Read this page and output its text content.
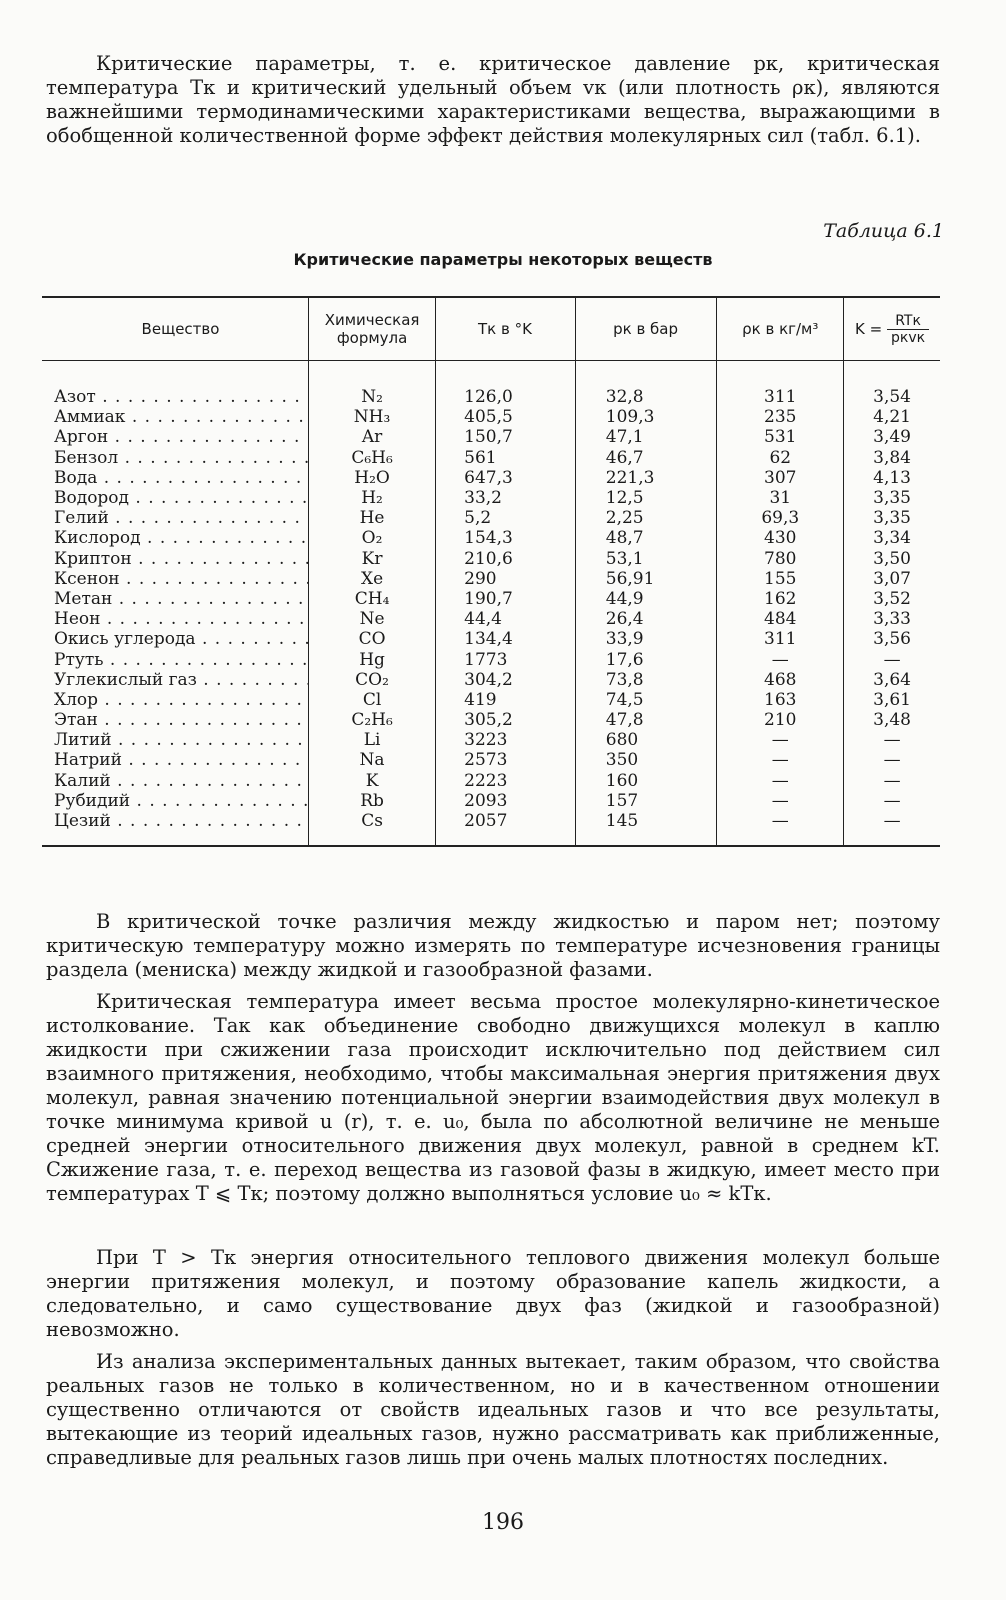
Критические параметры, т. е. критическое давление pк, критическая температура Tк и критический удельный объем vк (или плотность ρк), являются важнейшими термодинамическими характеристиками вещества, выражающими в обобщенной количественной форме эффект действия молекулярных сил (табл. 6.1).

Таблица 6.1
Критические параметры некоторых веществ
Вещество	Химическая формула	Tк в °K	pк в бар	ρк в кг/м³	$K = \frac{\text{RTк}}{\text{pкvк}}$

Азот . . .	N₂	126,0	32,8	311	3,54
Аммиак . . .	NH₃	405,5	109,3	235	4,21
Аргон . . .	Ar	150,7	47,1	531	3,49
Бензол . . .	C₆H₆	561	46,7	62	3,84
Вода . . .	H₂O	647,3	221,3	307	4,13
Водород . . .	H₂	33,2	12,5	31	3,35
Гелий . . .	He	5,2	2,25	69,3	3,35
Кислород . . .	O₂	154,3	48,7	430	3,34
Криптон . . .	Kr	210,6	53,1	780	3,50
Ксенон . . .	Xe	290	56,91	155	3,07
Метан . . .	CH₄	190,7	44,9	162	3,52
Неон . . .	Ne	44,4	26,4	484	3,33
Окись углерода . . .	CO	134,4	33,9	311	3,56
Ртуть . . .	Hg	1773	17,6	—	—
Углекислый газ . . .	CO₂	304,2	73,8	468	3,64
Хлор . . .	Cl	419	74,5	163	3,61
Этан . . .	C₂H₆	305,2	47,8	210	3,48
Литий . . .	Li	3223	680	—	—
Натрий . . .	Na	2573	350	—	—
Калий . . .	K	2223	160	—	—
Рубидий . . .	Rb	2093	157	—	—
Цезий . . .	Cs	2057	145	—	—

В критической точке различия между жидкостью и паром нет; поэтому критическую температуру можно измерять по температуре исчезновения границы раздела (мениска) между жидкой и газообразной фазами.

Критическая температура имеет весьма простое молекулярно-кинетическое истолкование. Так как объединение свободно движущихся молекул в каплю жидкости при сжижении газа происходит исключительно под действием сил взаимного притяжения, необходимо, чтобы максимальная энергия притяжения двух молекул, равная значению потенциальной энергии взаимодействия двух молекул в точке минимума кривой u (r), т. е. u₀, была по абсолютной величине не меньше средней энергии относительного движения двух молекул, равной в среднем kT. Сжижение газа, т. е. переход вещества из газовой фазы в жидкую, имеет место при температурах T ⩽ Tк; поэтому должно выполняться условие u₀ ≈ kTк.

При T > Tк энергия относительного теплового движения молекул больше энергии притяжения молекул, и поэтому образование капель жидкости, а следовательно, и само существование двух фаз (жидкой и газообразной) невозможно.

Из анализа экспериментальных данных вытекает, таким образом, что свойства реальных газов не только в количественном, но и в качественном отношении существенно отличаются от свойств идеальных газов и что все результаты, вытекающие из теорий идеальных газов, нужно рассматривать как приближенные, справедливые для реальных газов лишь при очень малых плотностях последних.

196
